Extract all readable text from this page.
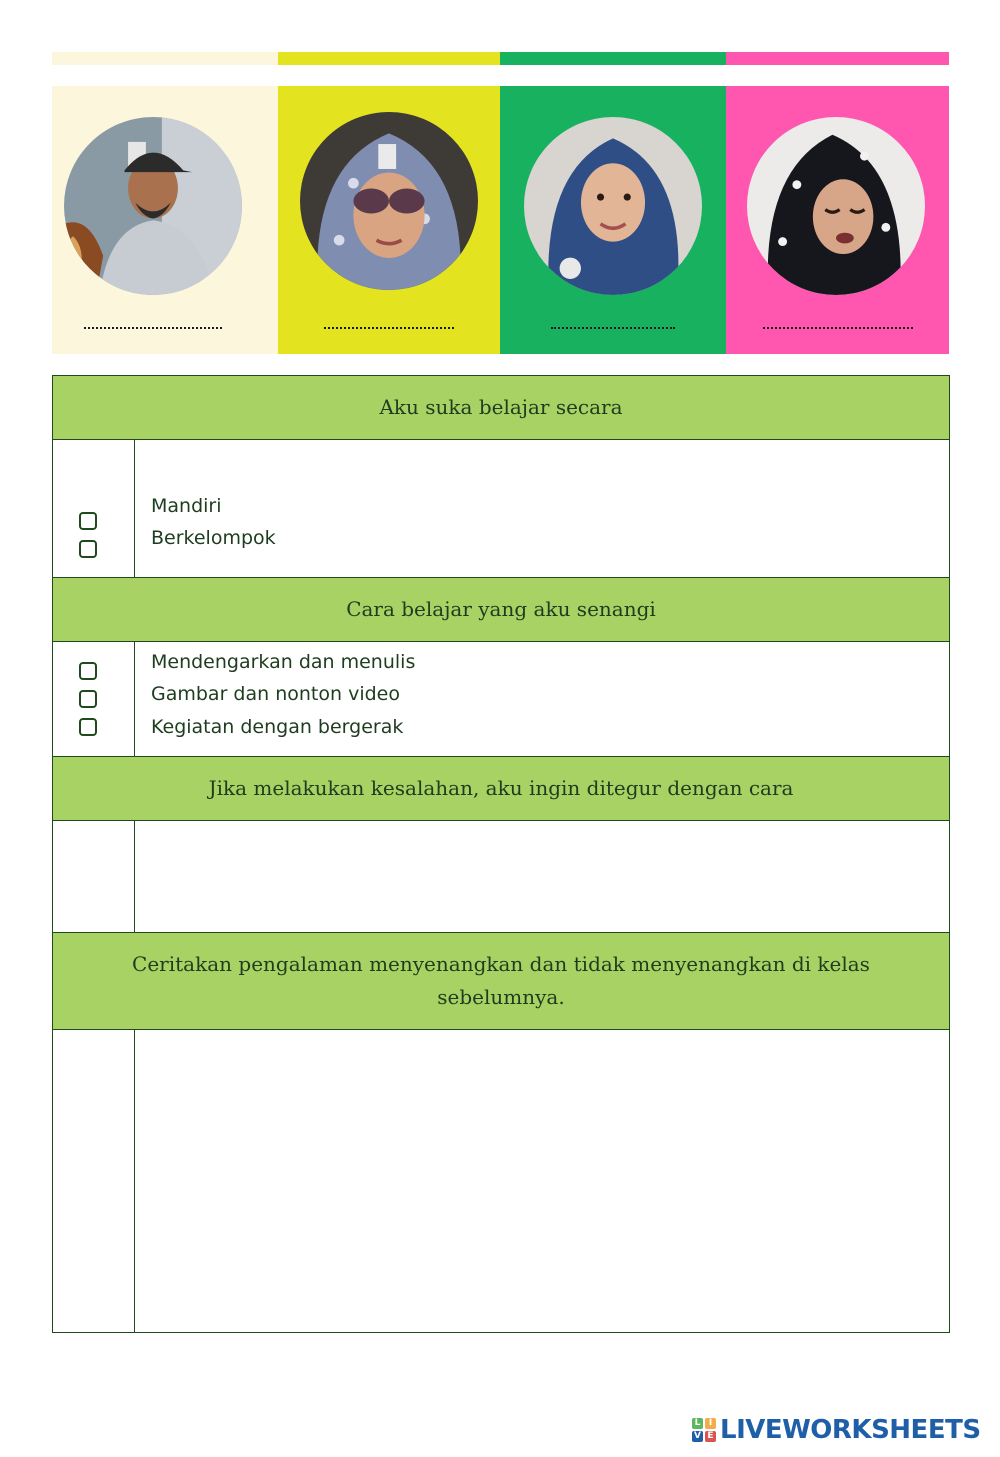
Aku suka belajar secara
Mandiri
Berkelompok
Cara belajar yang aku senangi
Mendengarkan dan menulis
Gambar dan nonton video
Kegiatan dengan bergerak
Jika melakukan kesalahan, aku ingin ditegur dengan cara
Ceritakan pengalaman menyenangkan dan tidak menyenangkan di kelas sebelumnya.
L I
V E LIVEWORKSHEETS
